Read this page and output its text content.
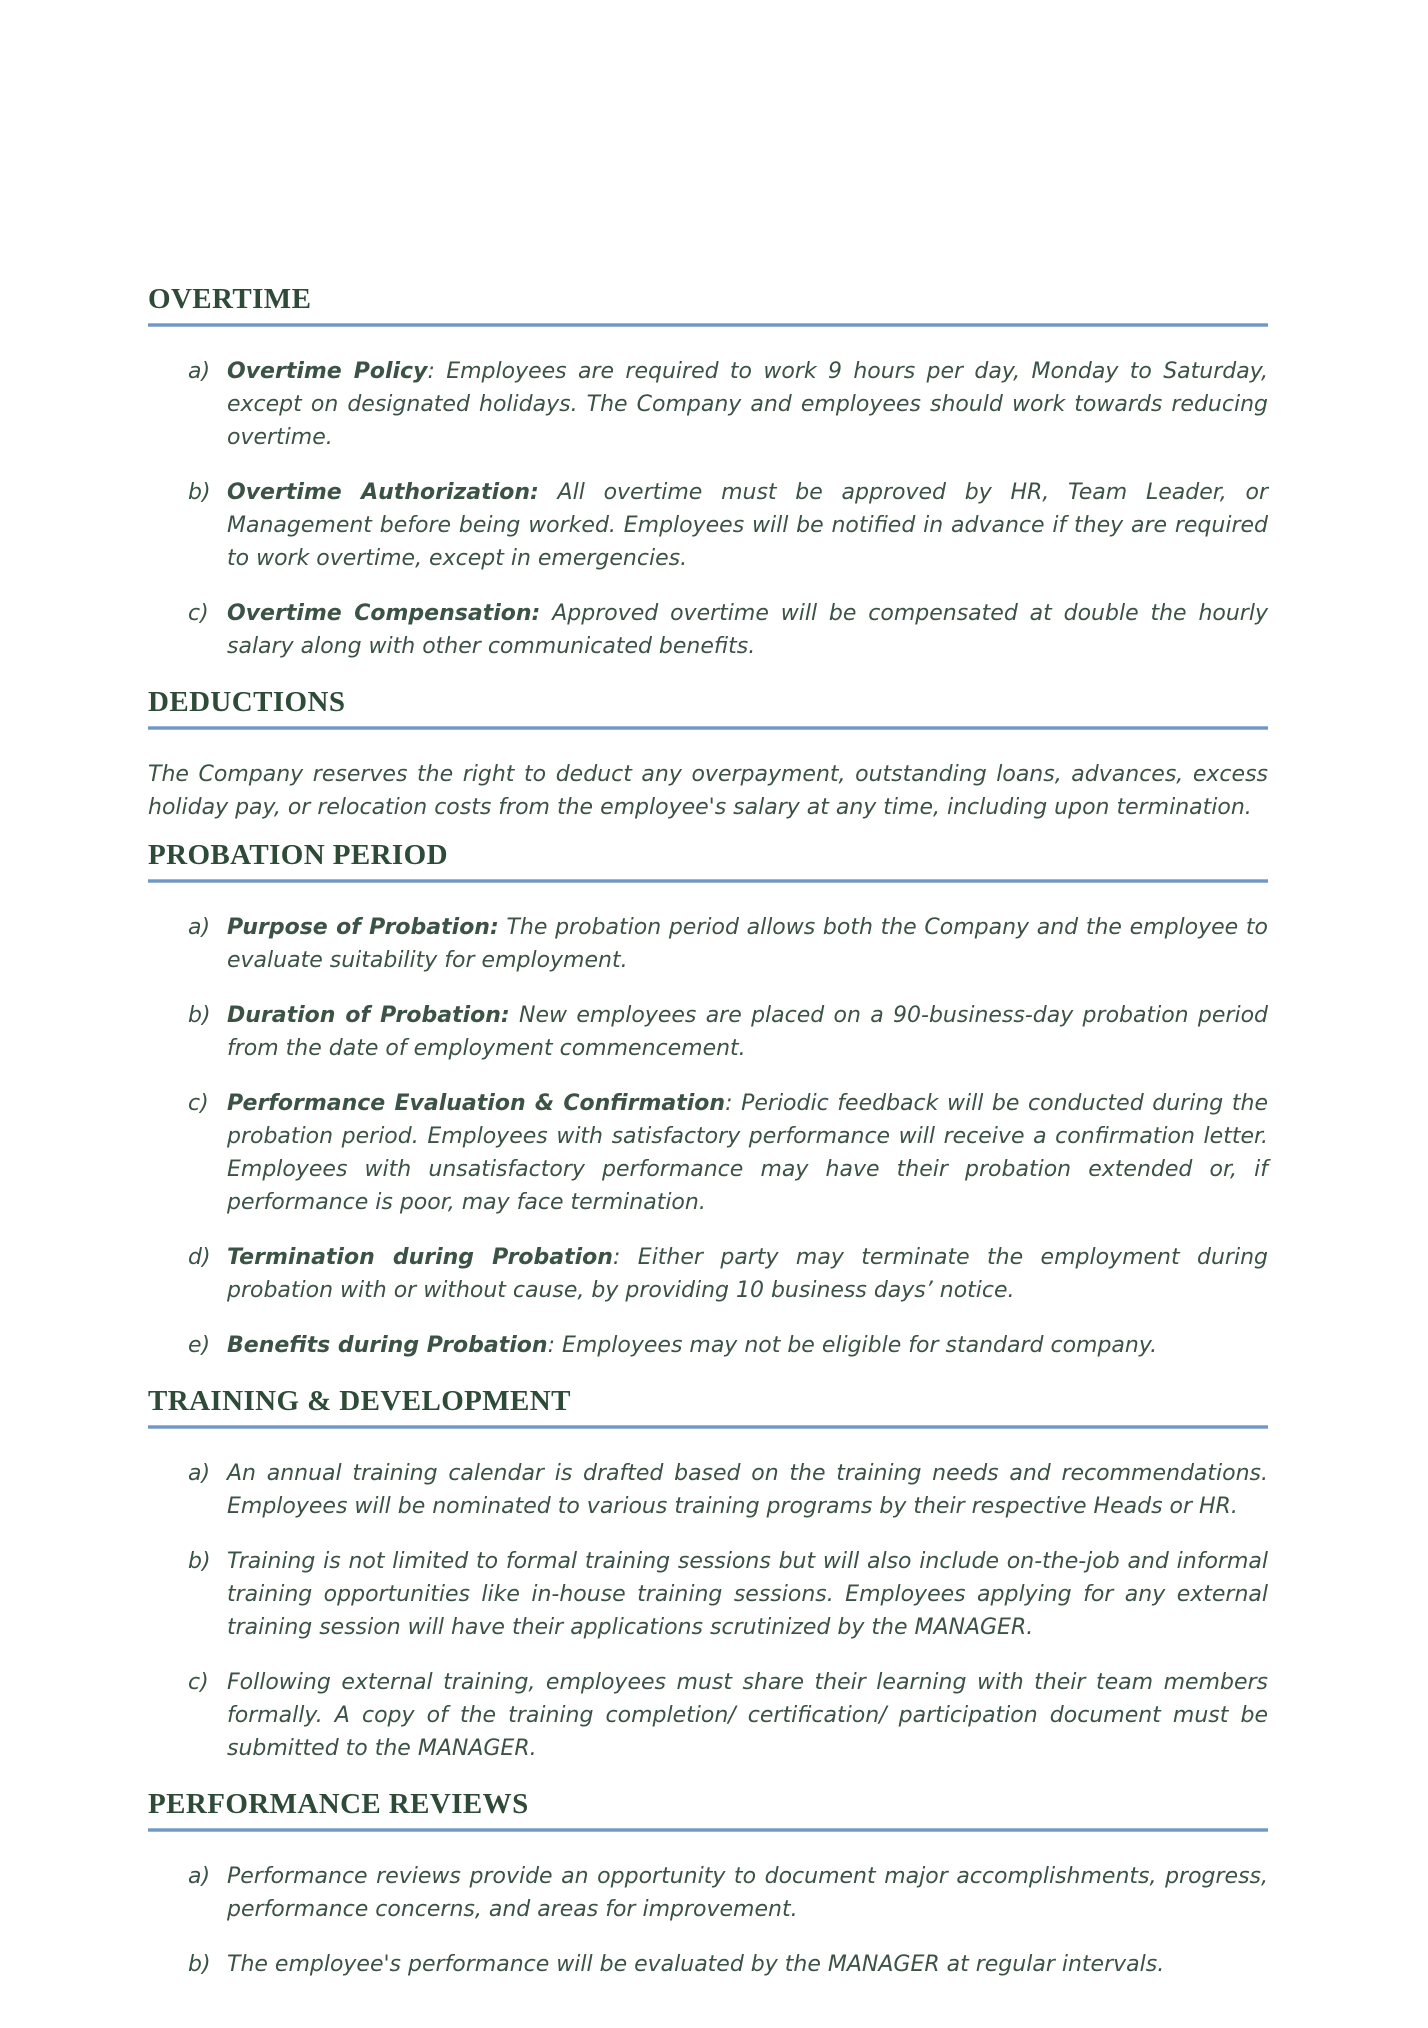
OVERTIME
a) Overtime Policy: Employees are required to work 9 hours per day, Monday to Saturday, except on designated holidays. The Company and employees should work towards reducing overtime.

b) Overtime Authorization: All overtime must be approved by HR, Team Leader, or Management before being worked. Employees will be notified in advance if they are required to work overtime, except in emergencies.

c) Overtime Compensation: Approved overtime will be compensated at double the hourly salary along with other communicated benefits.

DEDUCTIONS

The Company reserves the right to deduct any overpayment, outstanding loans, advances, excess holiday pay, or relocation costs from the employee's salary at any time, including upon termination.

PROBATION PERIOD
a) Purpose of Probation: The probation period allows both the Company and the employee to evaluate suitability for employment.

b) Duration of Probation: New employees are placed on a 90-business-day probation period from the date of employment commencement.

c) Performance Evaluation & Confirmation: Periodic feedback will be conducted during the probation period. Employees with satisfactory performance will receive a confirmation letter. Employees with unsatisfactory performance may have their probation extended or, if performance is poor, may face termination.

d) Termination during Probation: Either party may terminate the employment during probation with or without cause, by providing 10 business days’ notice.

e) Benefits during Probation: Employees may not be eligible for standard company.

TRAINING & DEVELOPMENT
a) An annual training calendar is drafted based on the training needs and recommendations. Employees will be nominated to various training programs by their respective Heads or HR.

b) Training is not limited to formal training sessions but will also include on-the-job and informal training opportunities like in-house training sessions. Employees applying for any external training session will have their applications scrutinized by the MANAGER.

c) Following external training, employees must share their learning with their team members formally. A copy of the training completion/ certification/ participation document must be submitted to the MANAGER.

PERFORMANCE REVIEWS
a) Performance reviews provide an opportunity to document major accomplishments, progress, performance concerns, and areas for improvement.

b) The employee's performance will be evaluated by the MANAGER at regular intervals.
